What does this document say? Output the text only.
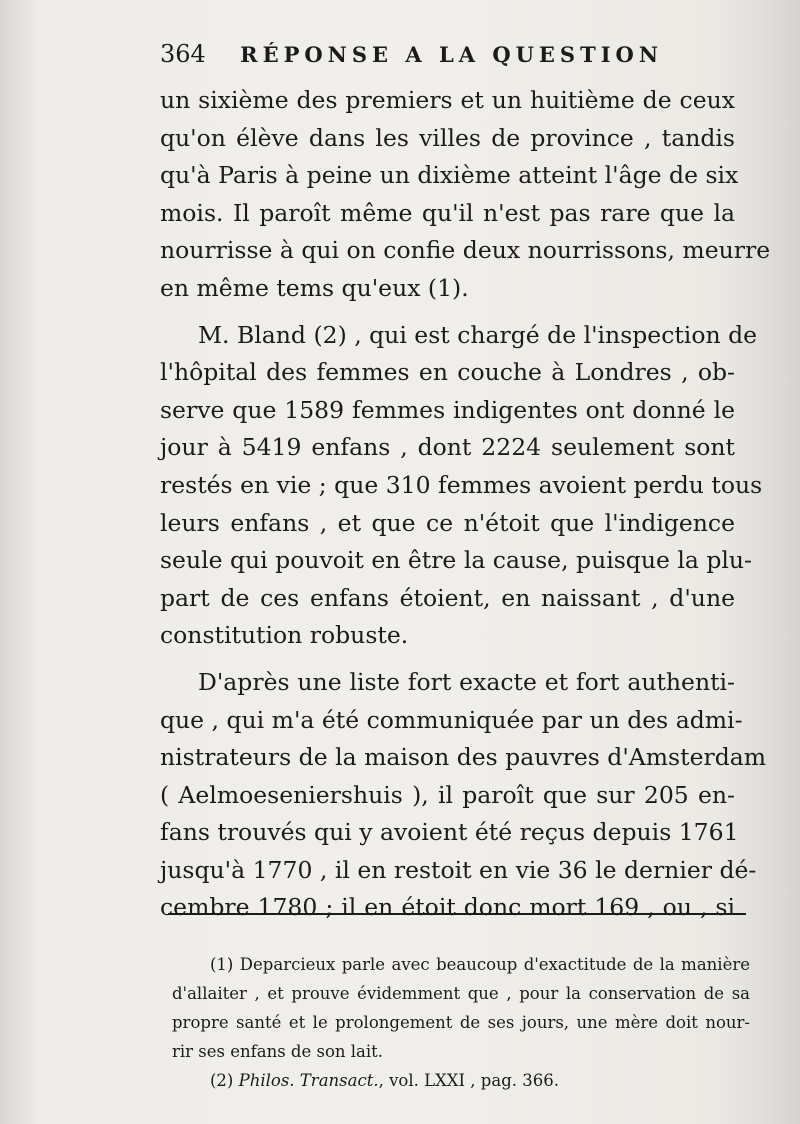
364 RÉPONSE A LA QUESTION
un sixième des premiers et un huitième de ceux
qu'on élève dans les villes de province , tandis
qu'à Paris à peine un dixième atteint l'âge de six
mois. Il paroît même qu'il n'est pas rare que la
nourrisse à qui on confie deux nourrissons, meurre
en même tems qu'eux (1).
M. Bland (2) , qui est chargé de l'inspection de
l'hôpital des femmes en couche à Londres , ob-
serve que 1589 femmes indigentes ont donné le
jour à 5419 enfans , dont 2224 seulement sont
restés en vie ; que 310 femmes avoient perdu tous
leurs enfans , et que ce n'étoit que l'indigence
seule qui pouvoit en être la cause, puisque la plu-
part de ces enfans étoient, en naissant , d'une
constitution robuste.
D'après une liste fort exacte et fort authenti-
que , qui m'a été communiquée par un des admi-
nistrateurs de la maison des pauvres d'Amsterdam
( Aelmoeseniershuis ), il paroît que sur 205 en-
fans trouvés qui y avoient été reçus depuis 1761
jusqu'à 1770 , il en restoit en vie 36 le dernier dé-
cembre 1780 ; il en étoit donc mort 169 , ou , si
(1) Deparcieux parle avec beaucoup d'exactitude de la manière
d'allaiter , et prouve évidemment que , pour la conservation de sa
propre santé et le prolongement de ses jours, une mère doit nour-
rir ses enfans de son lait.
(2) Philos. Transact., vol. LXXI , pag. 366.
